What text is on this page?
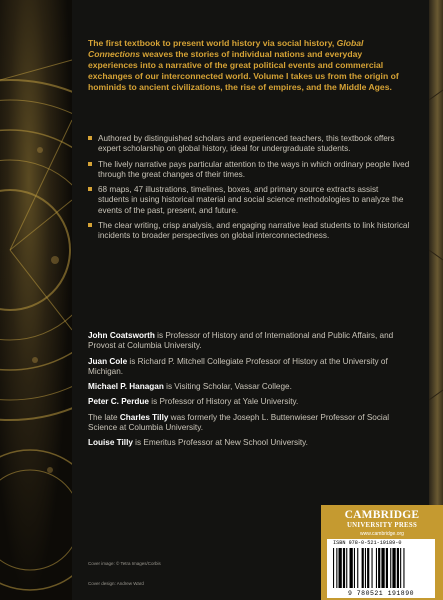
The first textbook to present world history via social history, Global Connections weaves the stories of individual nations and everyday experiences into a narrative of the great political events and commercial exchanges of our interconnected world. Volume I takes us from the origin of hominids to ancient civilizations, the rise of empires, and the Middle Ages.
Authored by distinguished scholars and experienced teachers, this textbook offers expert scholarship on global history, ideal for undergraduate students.
The lively narrative pays particular attention to the ways in which ordinary people lived through the great changes of their times.
68 maps, 47 illustrations, timelines, boxes, and primary source extracts assist students in using historical material and social science methodologies to analyze the events of the past, present, and future.
The clear writing, crisp analysis, and engaging narrative lead students to link historical incidents to broader perspectives on global interconnectedness.

John Coatsworth is Professor of History and of International and Public Affairs, and Provost at Columbia University.

Juan Cole is Richard P. Mitchell Collegiate Professor of History at the University of Michigan.

Michael P. Hanagan is Visiting Scholar, Vassar College.

Peter C. Perdue is Professor of History at Yale University.

The late Charles Tilly was formerly the Joseph L. Buttenwieser Professor of Social Science at Columbia University.

Louise Tilly is Emeritus Professor at New School University.

Cover image: © Tetra Images/Corbis
Cover design: Andrew Ward
CAMBRIDGE
UNIVERSITY PRESS
www.cambridge.org
ISBN 978-0-521-19189-0
9 780521 191890
